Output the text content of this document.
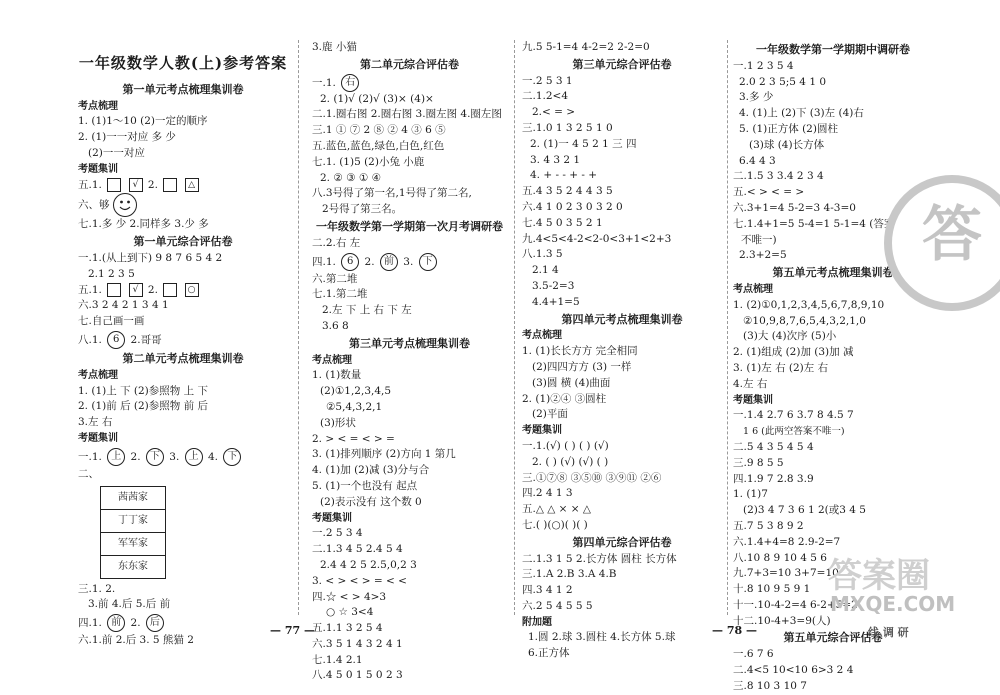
一年级数学人教(上)参考答案
第一单元考点梳理集训卷
考点梳理
1. (1)1～10 (2)一定的顺序
2. (1)一一对应 多 少
(2)一一对应
考题集训
五.1.	√ 2.	△
六、够
七.1.多 少 2.同样多 3.少 多
第一单元综合评估卷
一.1.(从上到下) 9 8 7 6 5 4 2
2.1 2 3 5
五.1.	√ 2.	○
六.3 2 4 2 1 3 4 1
七.自己画一画
八.1. 6 2.哥哥
第二单元考点梳理集训卷
考点梳理
1. (1)上 下 (2)参照物 上 下
2. (1)前 后 (2)参照物 前 后
3.左 右
考题集训
一.1. 上 2. 下 3. 上 4. 下
二、
茜茜家
丁丁家
军军家
东东家
三.1. 2.
3.前 4.后 5.后 前
四.1. 前 2. 后
六.1.前 2.后 3. 5 熊猫 2
3.鹿 小猫
第二单元综合评估卷
一.1. 右
2. (1)√ (2)√ (3)× (4)×
二.1.圈右图 2.圈右图 3.圈左图 4.圈左图
三.1 ① ⑦ 2 ⑧ ② 4 ③ 6 ⑤
五.蓝色,蓝色,绿色,白色,红色
七.1. (1)5 (2)小兔 小鹿
2. ② ③ ① ④
八.3号得了第一名,1号得了第二名,
2号得了第三名。
一年级数学第一学期第一次月考调研卷
二.2.右 左
四.1. 6 2. 前 3. 下
六.第二堆
七.1.第二堆
2.左 下 上 右 下 左
3.6 8
第三单元考点梳理集训卷
考点梳理
1. (1)数量
(2)①1,2,3,4,5
②5,4,3,2,1
(3)形状
2. > < = < > =
3. (1)排列顺序 (2)方向 1 第几
4. (1)加 (2)减 (3)分与合
5. (1)一个也没有 起点
(2)表示没有 这个数 0
考题集训
一.2 5 3 4
二.1.3 4 5 2.4 5 4
2.4 4 2 5 2.5,0,2 3
3. < > < > = < <
四.☆ < > 4>3
○ ☆ 3<4
五.1.1 3 2 5 4
六.3 5 1 4 3 2 4 1
七.1.4 2.1
八.4 5 0 1 5 0 2 3
九.5 5-1=4 4-2=2 2-2=0
第三单元综合评估卷
一.2 5 3 1
二.1.2<4
2.< = >
三.1.0 1 3 2 5 1 0
2. (1)一 4 5 2 1 三 四
3. 4 3 2 1
4. + - - + - +
五.4 3 5 2 4 4 3 5
六.4 1 0 2 3 0 3 2 0
七.4 5 0 3 5 2 1
九.4<5<4-2<2-0<3+1<2+3
八.1.3 5
2.1 4
3.5-2=3
4.4+1=5
第四单元考点梳理集训卷
考点梳理
1. (1)长长方方 完全相同
(2)四四方方 (3) 一样
(3)圆 横 (4)曲面
2. (1)②④ ③圆柱
(2)平面
考题集训
一.1.(√) ( ) ( ) (√)
2. ( ) (√) (√) ( )
三.①⑦⑧ ③⑤⑩ ③⑨⑪ ②⑥
四.2 4 1 3
五.△ △ × × △
七.( )(○)( )( )
第四单元综合评估卷
二.1.3 1 5 2.长方体 圆柱 长方体
三.1.A 2.B 3.A 4.B
四.3 4 1 2
六.2 5 4 5 5 5
附加题
1.圆 2.球 3.圆柱 4.长方体 5.球
6.正方体
一年级数学第一学期期中调研卷
一.1 2 3 5 4
2.0 2 3 5;5 4 1 0
3.多 少
4. (1)上 (2)下 (3)左 (4)右
5. (1)正方体 (2)圆柱
(3)球 (4)长方体
6.4 4 3
二.1.5 3 3.4 2 3 4
五.< > < = >
六.3+1=4 5-2=3 4-3=0
七.1.4+1=5 5-4=1 5-1=4 (答案
不唯一)
2.3+2=5
第五单元考点梳理集训卷
考点梳理
1. (2)①0,1,2,3,4,5,6,7,8,9,10
②10,9,8,7,6,5,4,3,2,1,0
(3)大 (4)次序 (5)小
2. (1)组成 (2)加 (3)加 减
3. (1)左 右 (2)左 右
4.左 右
考题集训
一.1.4 2.7 6 3.7 8 4.5 7
1 6 (此两空答案不唯一)
二.5 4 3 5 4 5 4
三.9 8 5 5
四.1.9 7 2.8 3.9
1. (1)7
(2)3 4 7 3 6 1 2(或3 4 5
五.7 5 3 8 9 2
六.1.4+4=8 2.9-2=7
八.10 8 9 10 4 5 6
九.7+3=10 3+7=10
十.8 10 9 5 9 1
十一.10-4-2=4 6-2+5=2
十二.10-4+3=9(人)
第五单元综合评估卷
一.6 7 6
二.4<5 10<10 6>3 2 4
三.8 10 3 10 7
答
答案圈
MXQE.COM
线 调 研
— 77 —	— 78 —
